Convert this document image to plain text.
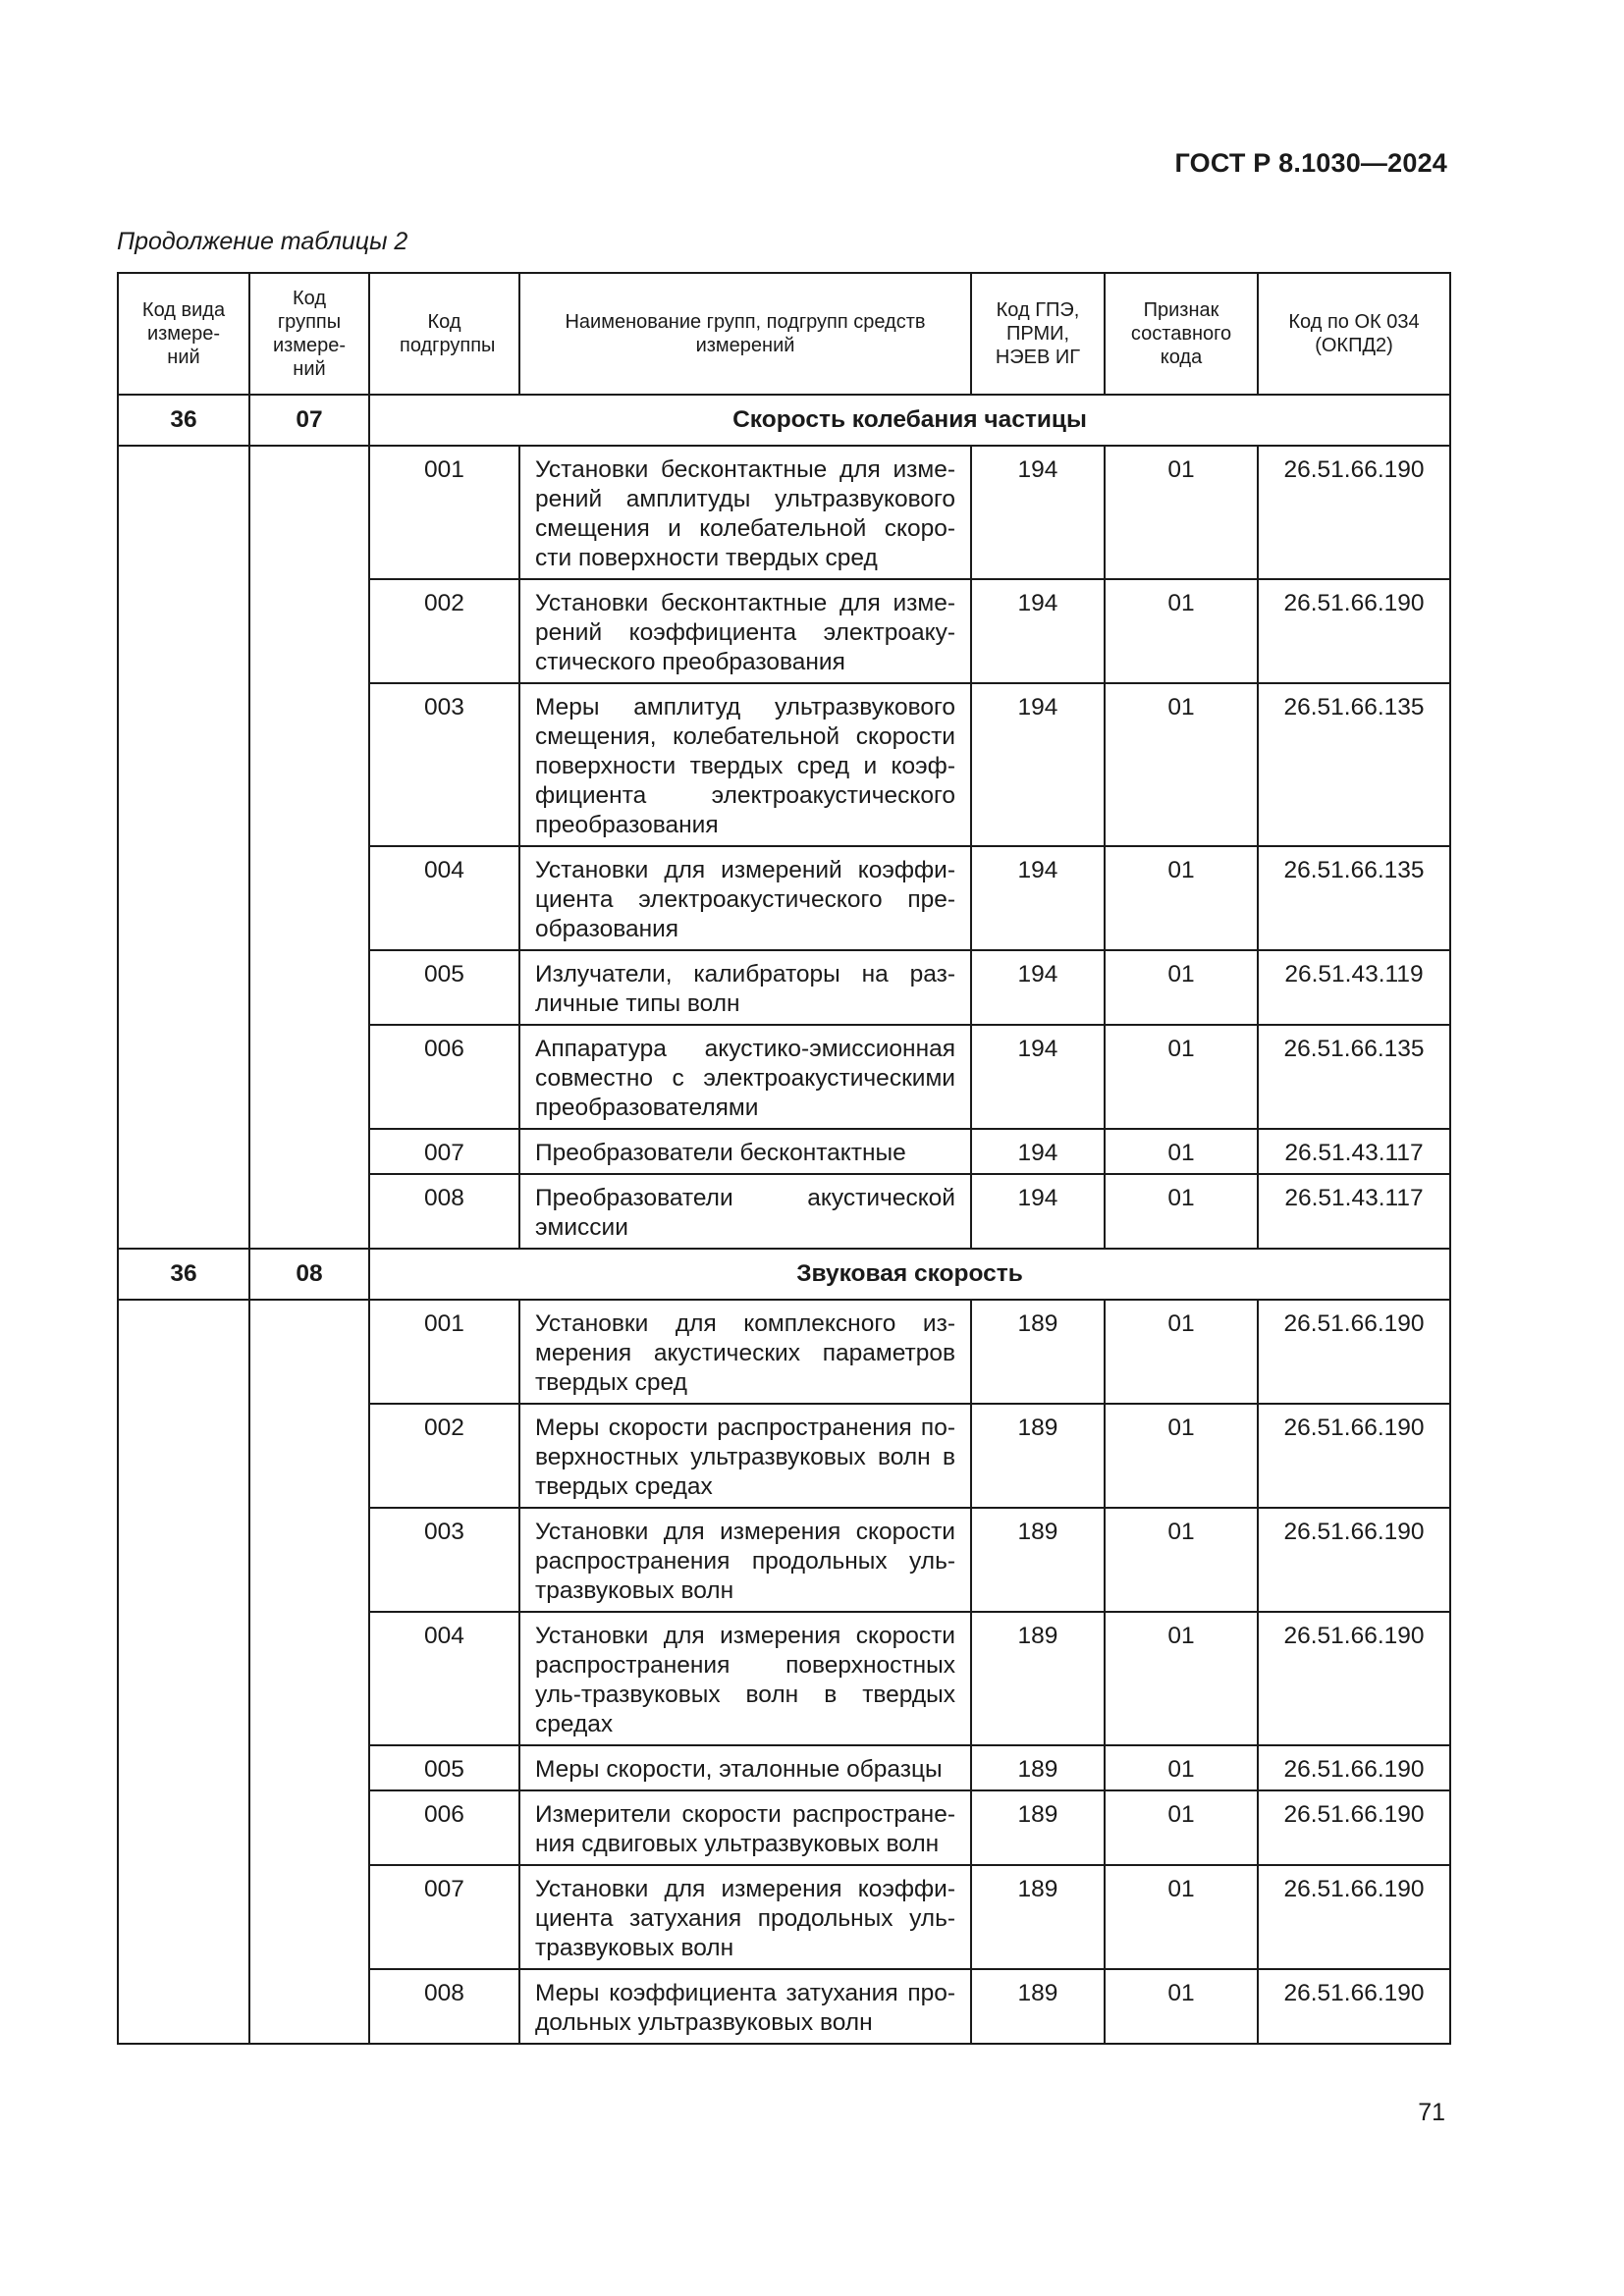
ГОСТ Р 8.1030—2024
Продолжение таблицы 2
Код вида измере-ний	Код группы измере-ний	Код подгруппы	Наименование групп, подгрупп средств измерений	Код ГПЭ, ПРМИ, НЭЕВ ИГ	Признак составного кода	Код по ОК 034 (ОКПД2)
36	07	Скорость колебания частицы				
		001	Установки бесконтактные для изме-рений амплитуды ультразвукового смещения и колебательной скоро-сти поверхности твердых сред	194	01	26.51.66.190
		002	Установки бесконтактные для изме-рений коэффициента электроаку-стического преобразования	194	01	26.51.66.190
		003	Меры амплитуд ультразвукового смещения, колебательной скорости поверхности твердых сред и коэф-фициента электроакустического преобразования	194	01	26.51.66.135
		004	Установки для измерений коэффи-циента электроакустического пре-образования	194	01	26.51.66.135
		005	Излучатели, калибраторы на раз-личные типы волн	194	01	26.51.43.119
		006	Аппаратура акустико-эмиссионная совместно с электроакустическими преобразователями	194	01	26.51.66.135
		007	Преобразователи бесконтактные	194	01	26.51.43.117
		008	Преобразователи акустической эмиссии	194	01	26.51.43.117
36	08	Звуковая скорость				
		001	Установки для комплексного из-мерения акустических параметров твердых сред	189	01	26.51.66.190
		002	Меры скорости распространения по-верхностных ультразвуковых волн в твердых средах	189	01	26.51.66.190
		003	Установки для измерения скорости распространения продольных уль-тразвуковых волн	189	01	26.51.66.190
		004	Установки для измерения скорости распространения поверхностных уль-тразвуковых волн в твердых средах	189	01	26.51.66.190
		005	Меры скорости, эталонные образцы	189	01	26.51.66.190
		006	Измерители скорости распростране-ния сдвиговых ультразвуковых волн	189	01	26.51.66.190
		007	Установки для измерения коэффи-циента затухания продольных уль-тразвуковых волн	189	01	26.51.66.190
		008	Меры коэффициента затухания про-дольных ультразвуковых волн	189	01	26.51.66.190
71
